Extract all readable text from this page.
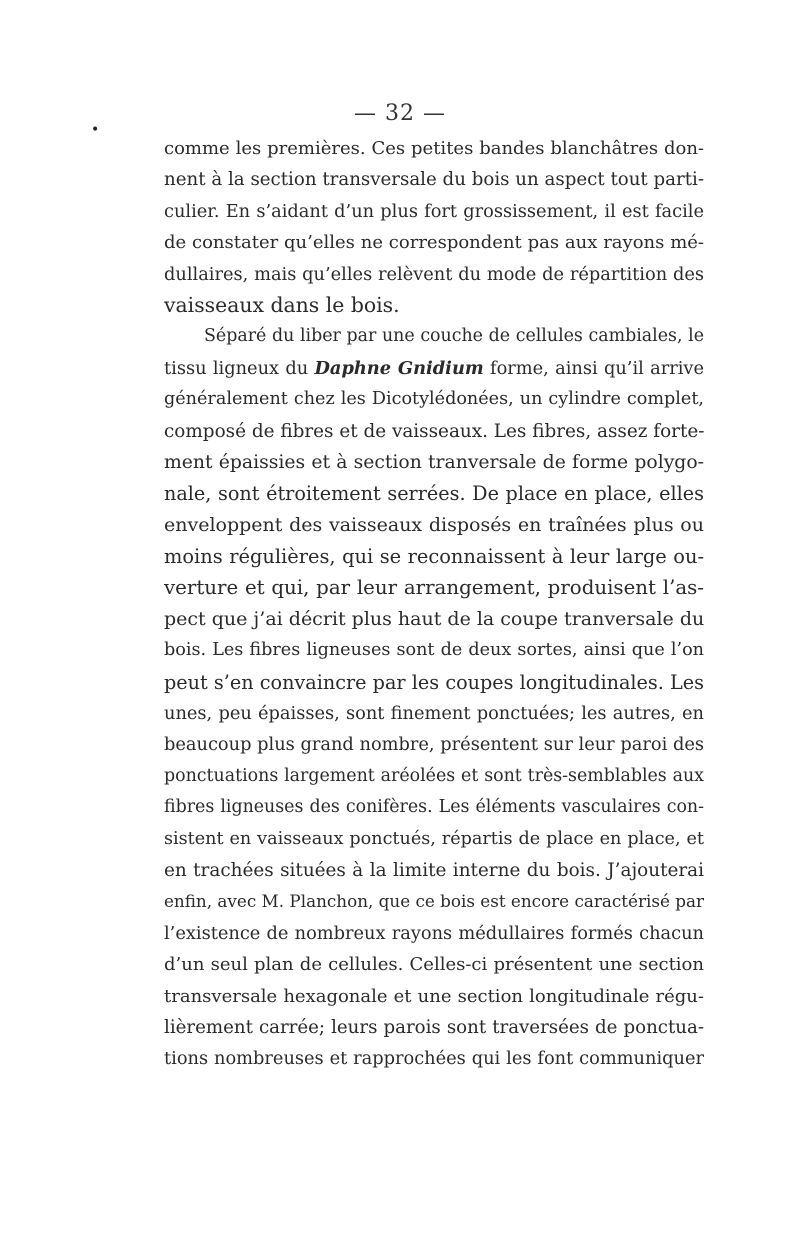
— 32 —
•
comme les premières. Ces petites bandes blanchâtres don-
nent à la section transversale du bois un aspect tout parti-
culier. En s’aidant d’un plus fort grossissement, il est facile
de constater qu’elles ne correspondent pas aux rayons mé-
dullaires, mais qu’elles relèvent du mode de répartition des
vaisseaux dans le bois.
Séparé du liber par une couche de cellules cambiales, le
tissu ligneux du Daphne Gnidium forme, ainsi qu’il arrive
généralement chez les Dicotylédonées, un cylindre complet,
composé de fibres et de vaisseaux. Les fibres, assez forte-
ment épaissies et à section tranversale de forme polygo-
nale, sont étroitement serrées. De place en place, elles
enveloppent des vaisseaux disposés en traînées plus ou
moins régulières, qui se reconnaissent à leur large ou-
verture et qui, par leur arrangement, produisent l’as-
pect que j’ai décrit plus haut de la coupe tranversale du
bois. Les fibres ligneuses sont de deux sortes, ainsi que l’on
peut s’en convaincre par les coupes longitudinales. Les
unes, peu épaisses, sont finement ponctuées; les autres, en
beaucoup plus grand nombre, présentent sur leur paroi des
ponctuations largement aréolées et sont très-semblables aux
fibres ligneuses des conifères. Les éléments vasculaires con-
sistent en vaisseaux ponctués, répartis de place en place, et
en trachées situées à la limite interne du bois. J’ajouterai
enfin, avec M. Planchon, que ce bois est encore caractérisé par
l’existence de nombreux rayons médullaires formés chacun
d’un seul plan de cellules. Celles-ci présentent une section
transversale hexagonale et une section longitudinale régu-
lièrement carrée; leurs parois sont traversées de ponctua-
tions nombreuses et rapprochées qui les font communiquer
